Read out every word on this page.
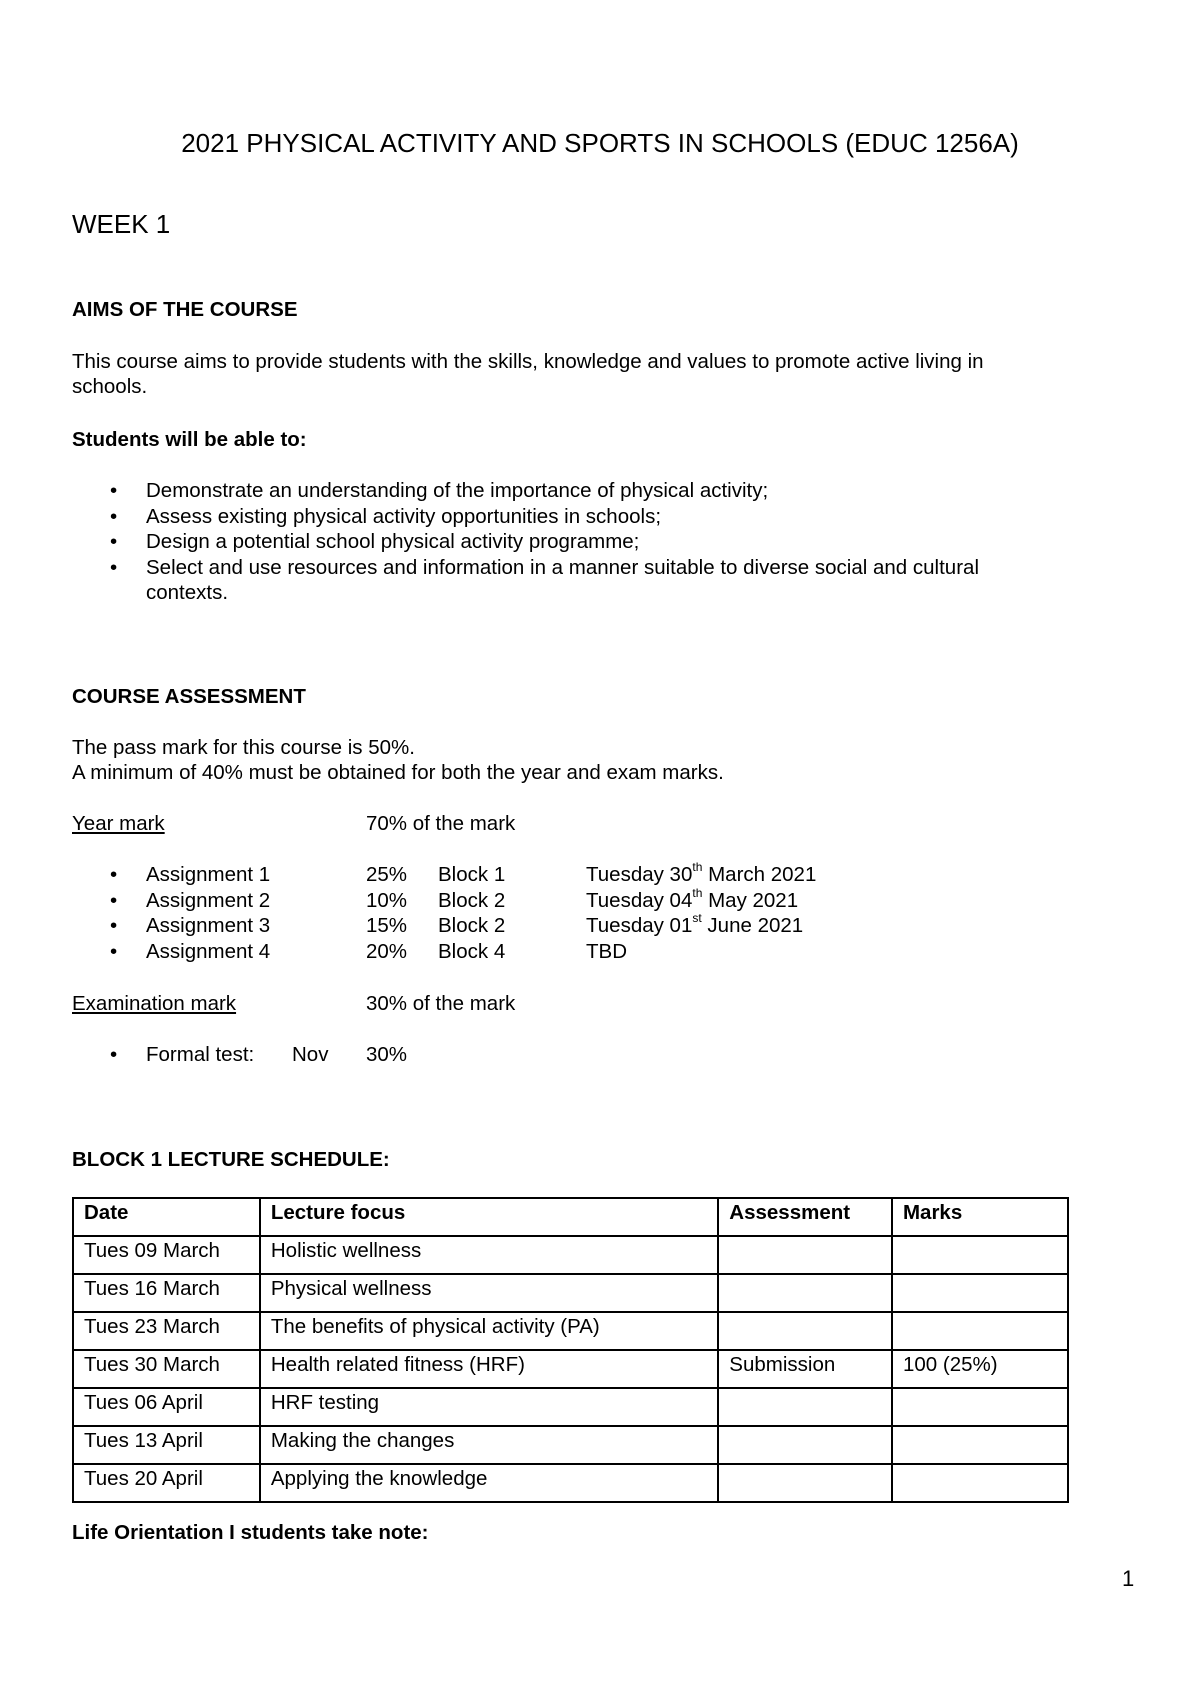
2021 PHYSICAL ACTIVITY AND SPORTS IN SCHOOLS (EDUC 1256A)
WEEK 1
AIMS OF THE COURSE
This course aims to provide students with the skills, knowledge and values to promote active living in
schools.
Students will be able to:
• Demonstrate an understanding of the importance of physical activity;
• Assess existing physical activity opportunities in schools;
• Design a potential school physical activity programme;
• Select and use resources and information in a manner suitable to diverse social and cultural contexts.
COURSE ASSESSMENT
The pass mark for this course is 50%.
A minimum of 40% must be obtained for both the year and exam marks.
Year mark	70% of the mark
• Assignment 1	25% Block 1	Tuesday 30th March 2021
• Assignment 2	10% Block 2	Tuesday 04th May 2021
• Assignment 3	15% Block 2	Tuesday 01st June 2021
• Assignment 4	20% Block 4	TBD
Examination mark	30% of the mark
• Formal test: Nov 30%
BLOCK 1 LECTURE SCHEDULE:
Date	Lecture focus	Assessment	Marks
Tues 09 March	Holistic wellness		
Tues 16 March	Physical wellness		
Tues 23 March	The benefits of physical activity (PA)		
Tues 30 March	Health related fitness (HRF)	Submission	100 (25%)
Tues 06 April	HRF testing		
Tues 13 April	Making the changes		
Tues 20 April	Applying the knowledge		
Life Orientation I students take note:
1
